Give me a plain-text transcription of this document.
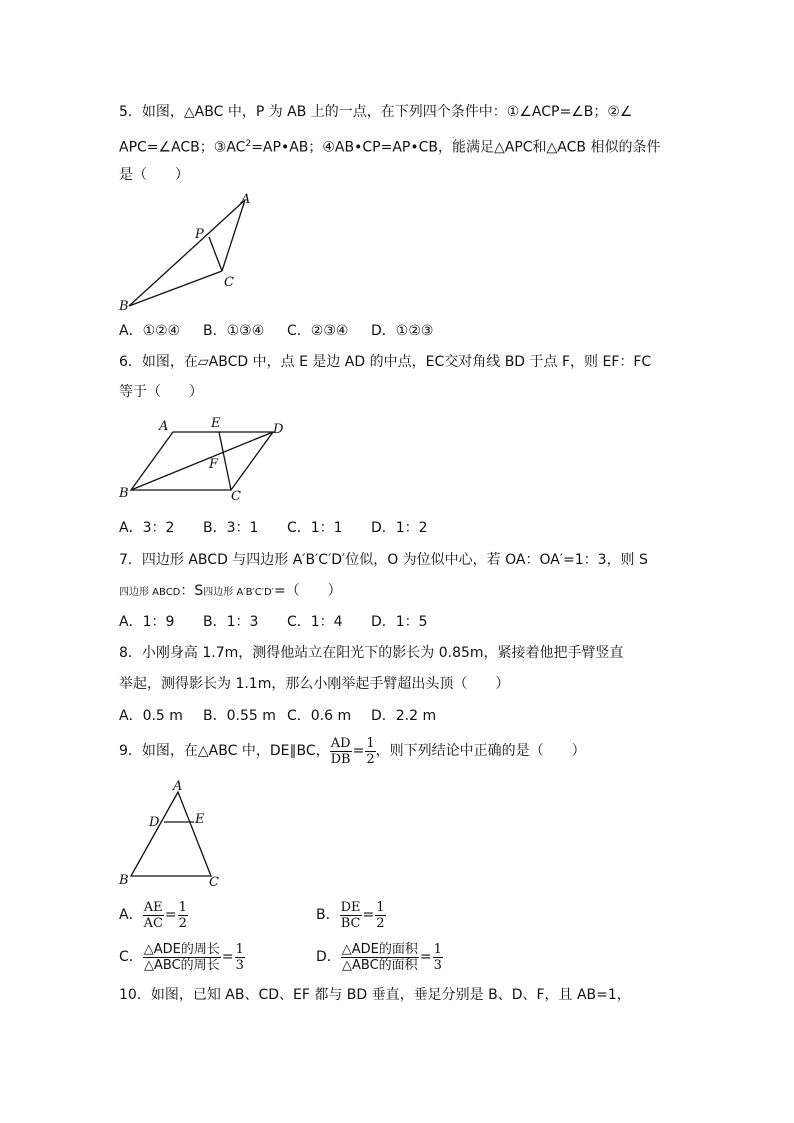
5．如图，△ABC 中，P 为 AB 上的一点，在下列四个条件中：①∠ACP=∠B；②∠
APC=∠ACB；$③AC^2=AP•AB$；④AB•CP=AP•CB，能满足△APC和△ACB 相似的条件
是（　　）
A
P
C
B
A．①②④ B．①③④ C．②③④ D．①②③
6．如图，在▱ABCD 中，点 E 是边 AD 的中点，EC交对角线 BD 于点 F，则 EF：FC
等于（　　）
A	E	D
F
B	C
A．3：2 B．3：1 C．1：1 D．1：2
7．四边形 ABCD 与四边形 A′B′C′D′位似，O 为位似中心，若 OA：OA′=1：3，则 S
四边形 ABCD：S四边形 A′B′C′D′=（　　）
A．1：9 B．1：3 C．1：4 D．1：5
8．小刚身高 1.7m，测得他站立在阳光下的影长为 0.85m，紧接着他把手臂竖直
举起，测得影长为 1.1m，那么小刚举起手臂超出头顶（　　）
A．0.5 m B．0.55 m C．0.6 m D．2.2 m
9．如图，在△ABC 中，DE∥BC， $\frac{AD}{DB} = \frac{1}{2}$ ，则下列结论中正确的是（　　）
A
D	E
B	C
A． $\frac{AE}{AC} = \frac{1}{2}$	B． $\frac{DE}{BC} = \frac{1}{2}$
C． $\frac{\text{△ADE的周长}}{\text{△ABC的周长}} = \frac{1}{3}$	D． $\frac{\text{△ADE的面积}}{\text{△ABC的面积}} = \frac{1}{3}$
10．如图，已知 AB、CD、EF 都与 BD 垂直，垂足分别是 B、D、F，且 AB=1，
